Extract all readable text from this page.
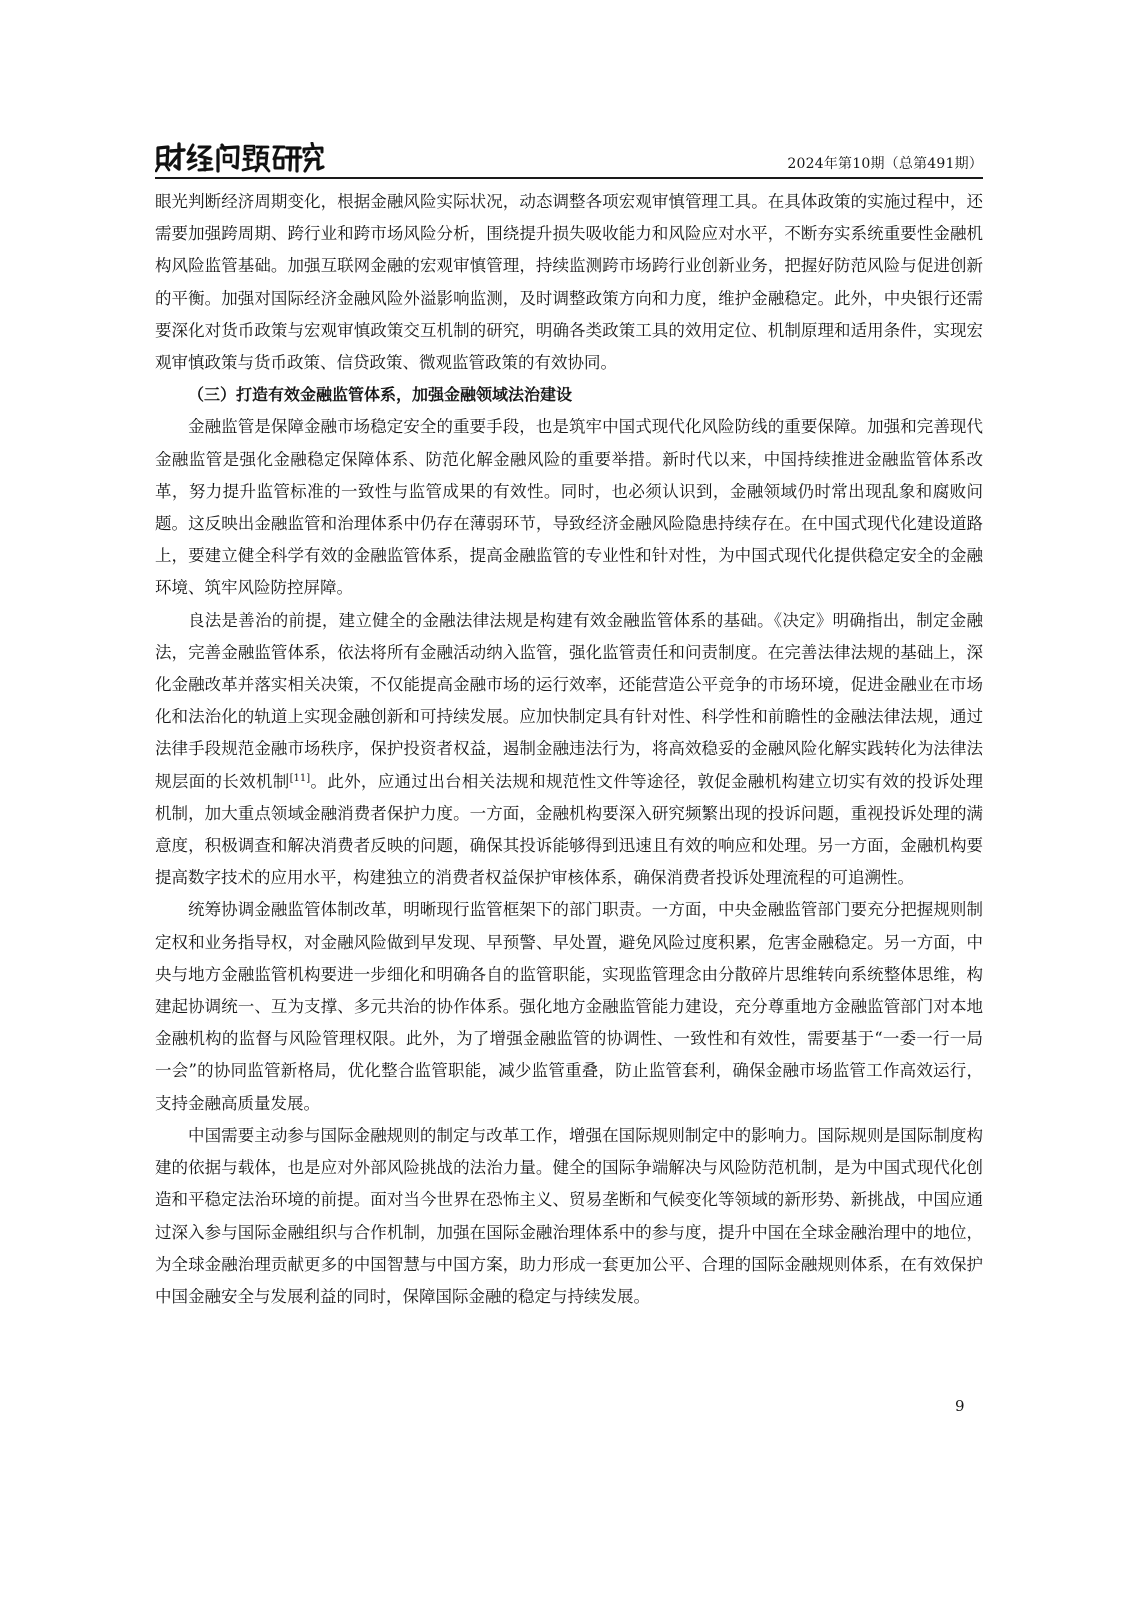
2024年第10期（总第491期）

眼光判断经济周期变化，根据金融风险实际状况，动态调整各项宏观审慎管理工具。在具体政策的实施过程中，还需要加强跨周期、跨行业和跨市场风险分析，围绕提升损失吸收能力和风险应对水平，不断夯实系统重要性金融机构风险监管基础。加强互联网金融的宏观审慎管理，持续监测跨市场跨行业创新业务，把握好防范风险与促进创新的平衡。加强对国际经济金融风险外溢影响监测，及时调整政策方向和力度，维护金融稳定。此外，中央银行还需要深化对货币政策与宏观审慎政策交互机制的研究，明确各类政策工具的效用定位、机制原理和适用条件，实现宏观审慎政策与货币政策、信贷政策、微观监管政策的有效协同。

（三）打造有效金融监管体系，加强金融领域法治建设

金融监管是保障金融市场稳定安全的重要手段，也是筑牢中国式现代化风险防线的重要保障。加强和完善现代金融监管是强化金融稳定保障体系、防范化解金融风险的重要举措。新时代以来，中国持续推进金融监管体系改革，努力提升监管标准的一致性与监管成果的有效性。同时，也必须认识到，金融领域仍时常出现乱象和腐败问题。这反映出金融监管和治理体系中仍存在薄弱环节，导致经济金融风险隐患持续存在。在中国式现代化建设道路上，要建立健全科学有效的金融监管体系，提高金融监管的专业性和针对性，为中国式现代化提供稳定安全的金融环境、筑牢风险防控屏障。

良法是善治的前提，建立健全的金融法律法规是构建有效金融监管体系的基础。《决定》明确指出，制定金融法，完善金融监管体系，依法将所有金融活动纳入监管，强化监管责任和问责制度。在完善法律法规的基础上，深化金融改革并落实相关决策，不仅能提高金融市场的运行效率，还能营造公平竞争的市场环境，促进金融业在市场化和法治化的轨道上实现金融创新和可持续发展。应加快制定具有针对性、科学性和前瞻性的金融法律法规，通过法律手段规范金融市场秩序，保护投资者权益，遏制金融违法行为，将高效稳妥的金融风险化解实践转化为法律法规层面的长效机制[11]。此外，应通过出台相关法规和规范性文件等途径，敦促金融机构建立切实有效的投诉处理机制，加大重点领域金融消费者保护力度。一方面，金融机构要深入研究频繁出现的投诉问题，重视投诉处理的满意度，积极调查和解决消费者反映的问题，确保其投诉能够得到迅速且有效的响应和处理。另一方面，金融机构要提高数字技术的应用水平，构建独立的消费者权益保护审核体系，确保消费者投诉处理流程的可追溯性。

统筹协调金融监管体制改革，明晰现行监管框架下的部门职责。一方面，中央金融监管部门要充分把握规则制定权和业务指导权，对金融风险做到早发现、早预警、早处置，避免风险过度积累，危害金融稳定。另一方面，中央与地方金融监管机构要进一步细化和明确各自的监管职能，实现监管理念由分散碎片思维转向系统整体思维，构建起协调统一、互为支撑、多元共治的协作体系。强化地方金融监管能力建设，充分尊重地方金融监管部门对本地金融机构的监督与风险管理权限。此外，为了增强金融监管的协调性、一致性和有效性，需要基于“一委一行一局一会”的协同监管新格局，优化整合监管职能，减少监管重叠，防止监管套利，确保金融市场监管工作高效运行，支持金融高质量发展。

中国需要主动参与国际金融规则的制定与改革工作，增强在国际规则制定中的影响力。国际规则是国际制度构建的依据与载体，也是应对外部风险挑战的法治力量。健全的国际争端解决与风险防范机制，是为中国式现代化创造和平稳定法治环境的前提。面对当今世界在恐怖主义、贸易垄断和气候变化等领域的新形势、新挑战，中国应通过深入参与国际金融组织与合作机制，加强在国际金融治理体系中的参与度，提升中国在全球金融治理中的地位，为全球金融治理贡献更多的中国智慧与中国方案，助力形成一套更加公平、合理的国际金融规则体系，在有效保护中国金融安全与发展利益的同时，保障国际金融的稳定与持续发展。

9
